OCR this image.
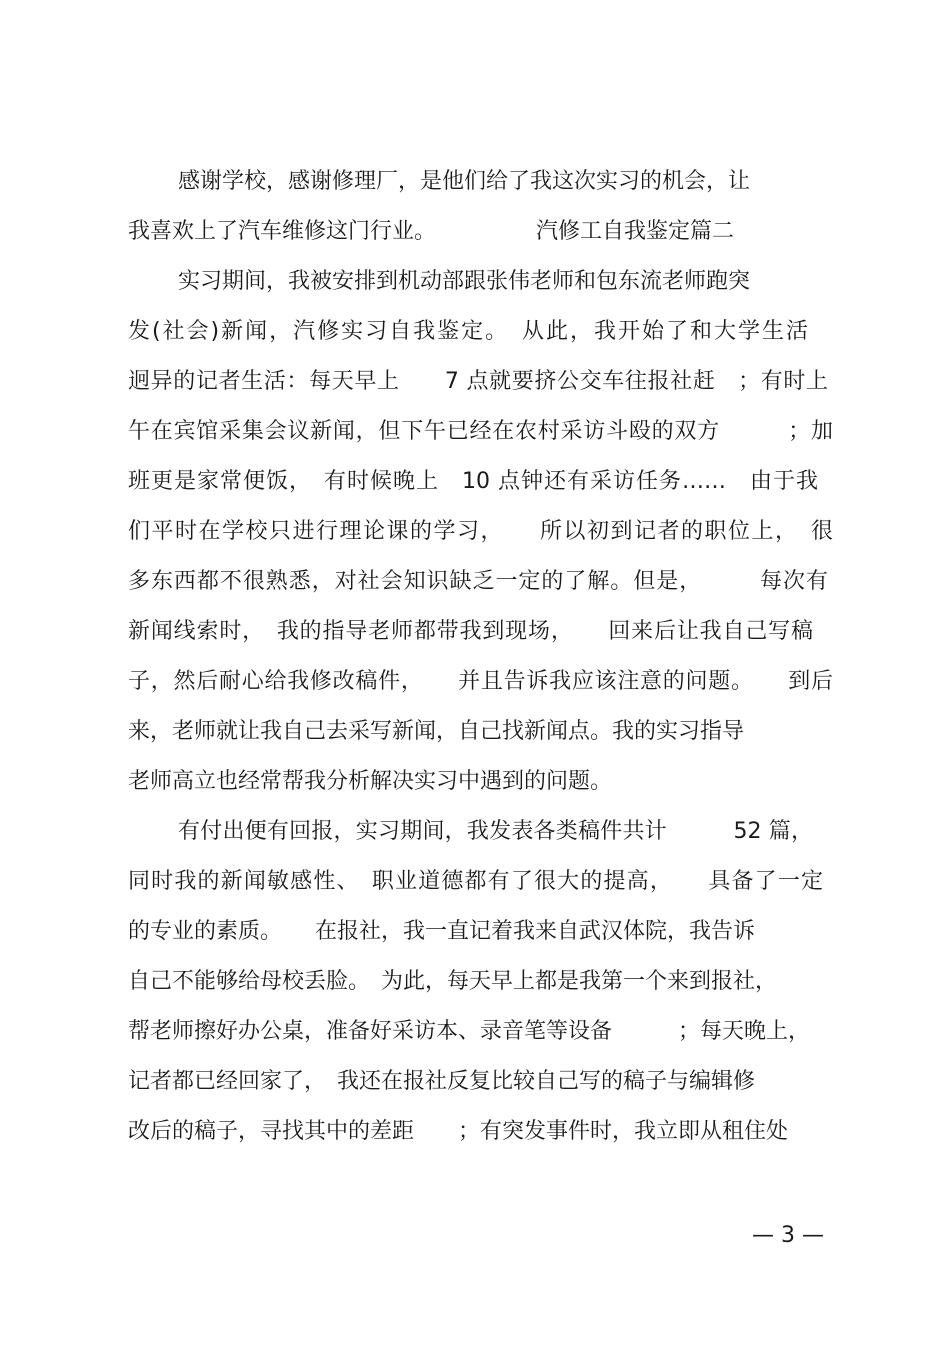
感谢学校，感谢修理厂，是他们给了我这次实习的机会，让
我喜欢上了汽车维修这门行业。	汽修工自我鉴定篇二
实习期间，我被安排到机动部跟张伟老师和包东流老师跑突
发(社会)新闻，汽修实习自我鉴定。　从此，我开始了和大学生活
迥异的记者生活：每天早上　　7 点就要挤公交车往报社赶　；有时上
午在宾馆采集会议新闻，但下午已经在农村采访斗殴的双方　　　；加
班更是家常便饭，　有时候晚上　10 点钟还有采访任务……　由于我
们平时在学校只进行理论课的学习，　　所以初到记者的职位上，　很
多东西都不很熟悉，对社会知识缺乏一定的了解。但是，　　　每次有
新闻线索时，　我的指导老师都带我到现场，　　回来后让我自己写稿
子，然后耐心给我修改稿件，　　并且告诉我应该注意的问题。　　到后
来，老师就让我自己去采写新闻，自己找新闻点。我的实习指导
老师高立也经常帮我分析解决实习中遇到的问题。
有付出便有回报，实习期间，我发表各类稿件共计　　　52 篇，
同时我的新闻敏感性、　职业道德都有了很大的提高，　　具备了一定
的专业的素质。　　在报社，我一直记着我来自武汉体院，我告诉
自己不能够给母校丢脸。　为此，每天早上都是我第一个来到报社，
帮老师擦好办公桌，准备好采访本、录音笔等设备　　　；每天晚上，
记者都已经回家了，　我还在报社反复比较自己写的稿子与编辑修
改后的稿子，寻找其中的差距　　；有突发事件时，我立即从租住处
— 3 —
